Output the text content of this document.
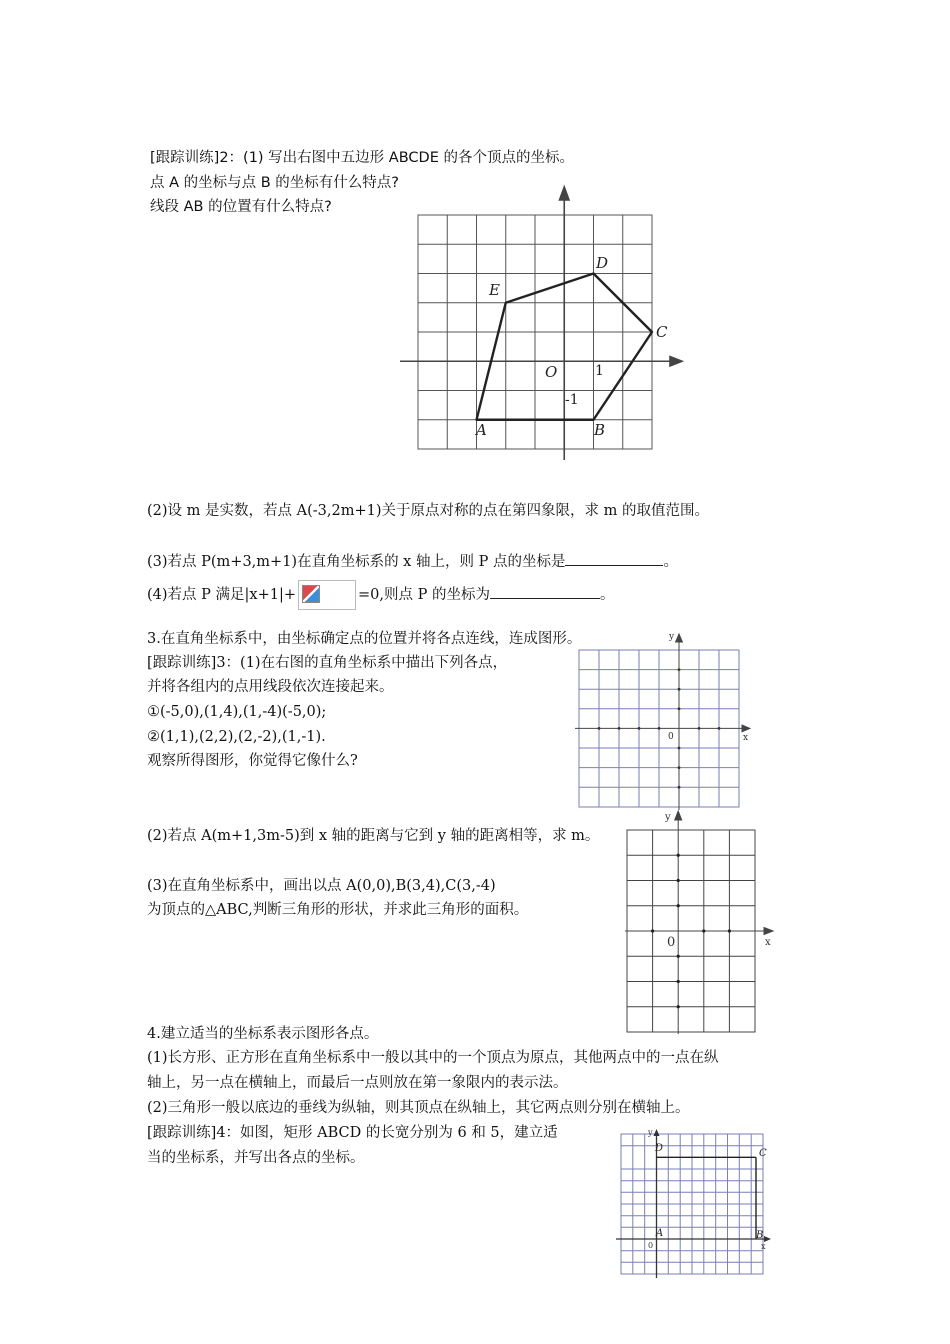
[跟踪训练]2：(1) 写出右图中五边形 ABCDE 的各个顶点的坐标。
点 A 的坐标与点 B 的坐标有什么特点?
线段 AB 的位置有什么特点?
A	B
C
D
E
O	1
-1
(2)设 m 是实数，若点 A(-3,2m+1)关于原点对称的点在第四象限，求 m 的取值范围。
(3)若点 P(m+3,m+1)在直角坐标系的 x 轴上，则 P 点的坐标是	。
(4)若点 P 满足|x+1|+	=0,则点 P 的坐标为	。
3.在直角坐标系中，由坐标确定点的位置并将各点连线，连成图形。
[跟踪训练]3：(1)在右图的直角坐标系中描出下列各点，
并将各组内的点用线段依次连接起来。
①(-5,0),(1,4),(1,-4)(-5,0);
②(1,1),(2,2),(2,-2),(1,-1).
观察所得图形，你觉得它像什么?
y
x
0
(2)若点 A(m+1,3m-5)到 x 轴的距离与它到 y 轴的距离相等，求 m。
(3)在直角坐标系中，画出以点 A(0,0),B(3,4),C(3,-4)
为顶点的△ABC,判断三角形的形状，并求此三角形的面积。
y
x
0
4.建立适当的坐标系表示图形各点。
(1)长方形、正方形在直角坐标系中一般以其中的一个顶点为原点，其他两点中的一点在纵
轴上，另一点在横轴上，而最后一点则放在第一象限内的表示法。
(2)三角形一般以底边的垂线为纵轴，则其顶点在纵轴上，其它两点则分别在横轴上。
[跟踪训练]4：如图，矩形 ABCD 的长宽分别为 6 和 5，建立适
当的坐标系，并写出各点的坐标。
y
x
0
A	B
C
D
